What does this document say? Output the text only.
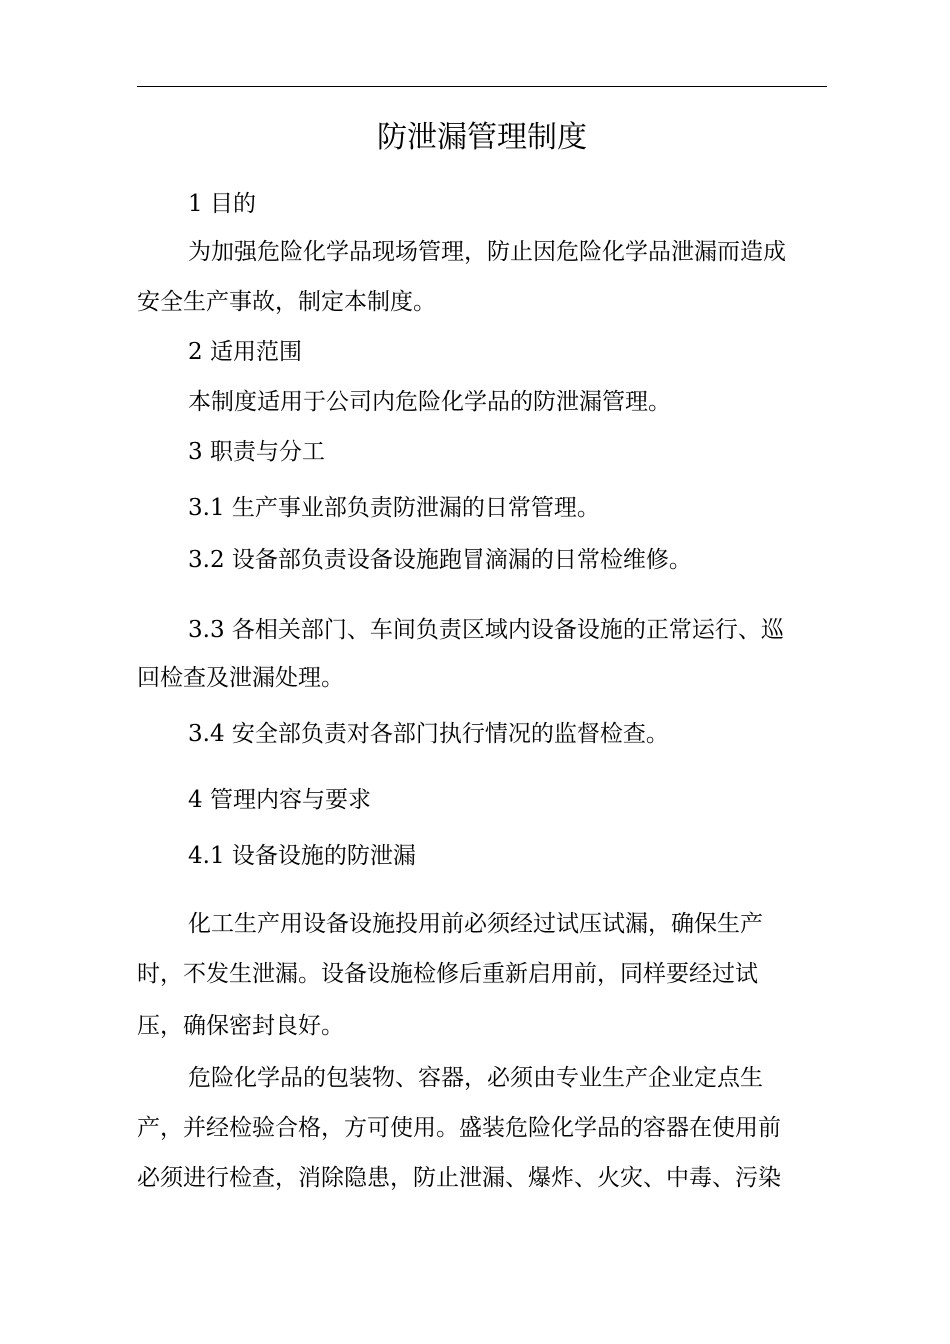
防泄漏管理制度
1 目的
为加强危险化学品现场管理，防止因危险化学品泄漏而造成
安全生产事故，制定本制度。
2 适用范围
本制度适用于公司内危险化学品的防泄漏管理。
3 职责与分工
3.1 生产事业部负责防泄漏的日常管理。
3.2 设备部负责设备设施跑冒滴漏的日常检维修。
3.3 各相关部门、车间负责区域内设备设施的正常运行、巡
回检查及泄漏处理。
3.4 安全部负责对各部门执行情况的监督检查。
4 管理内容与要求
4.1 设备设施的防泄漏
化工生产用设备设施投用前必须经过试压试漏，确保生产
时，不发生泄漏。设备设施检修后重新启用前，同样要经过试
压，确保密封良好。
危险化学品的包装物、容器，必须由专业生产企业定点生
产，并经检验合格，方可使用。盛装危险化学品的容器在使用前
必须进行检查，消除隐患，防止泄漏、爆炸、火灾、中毒、污染
